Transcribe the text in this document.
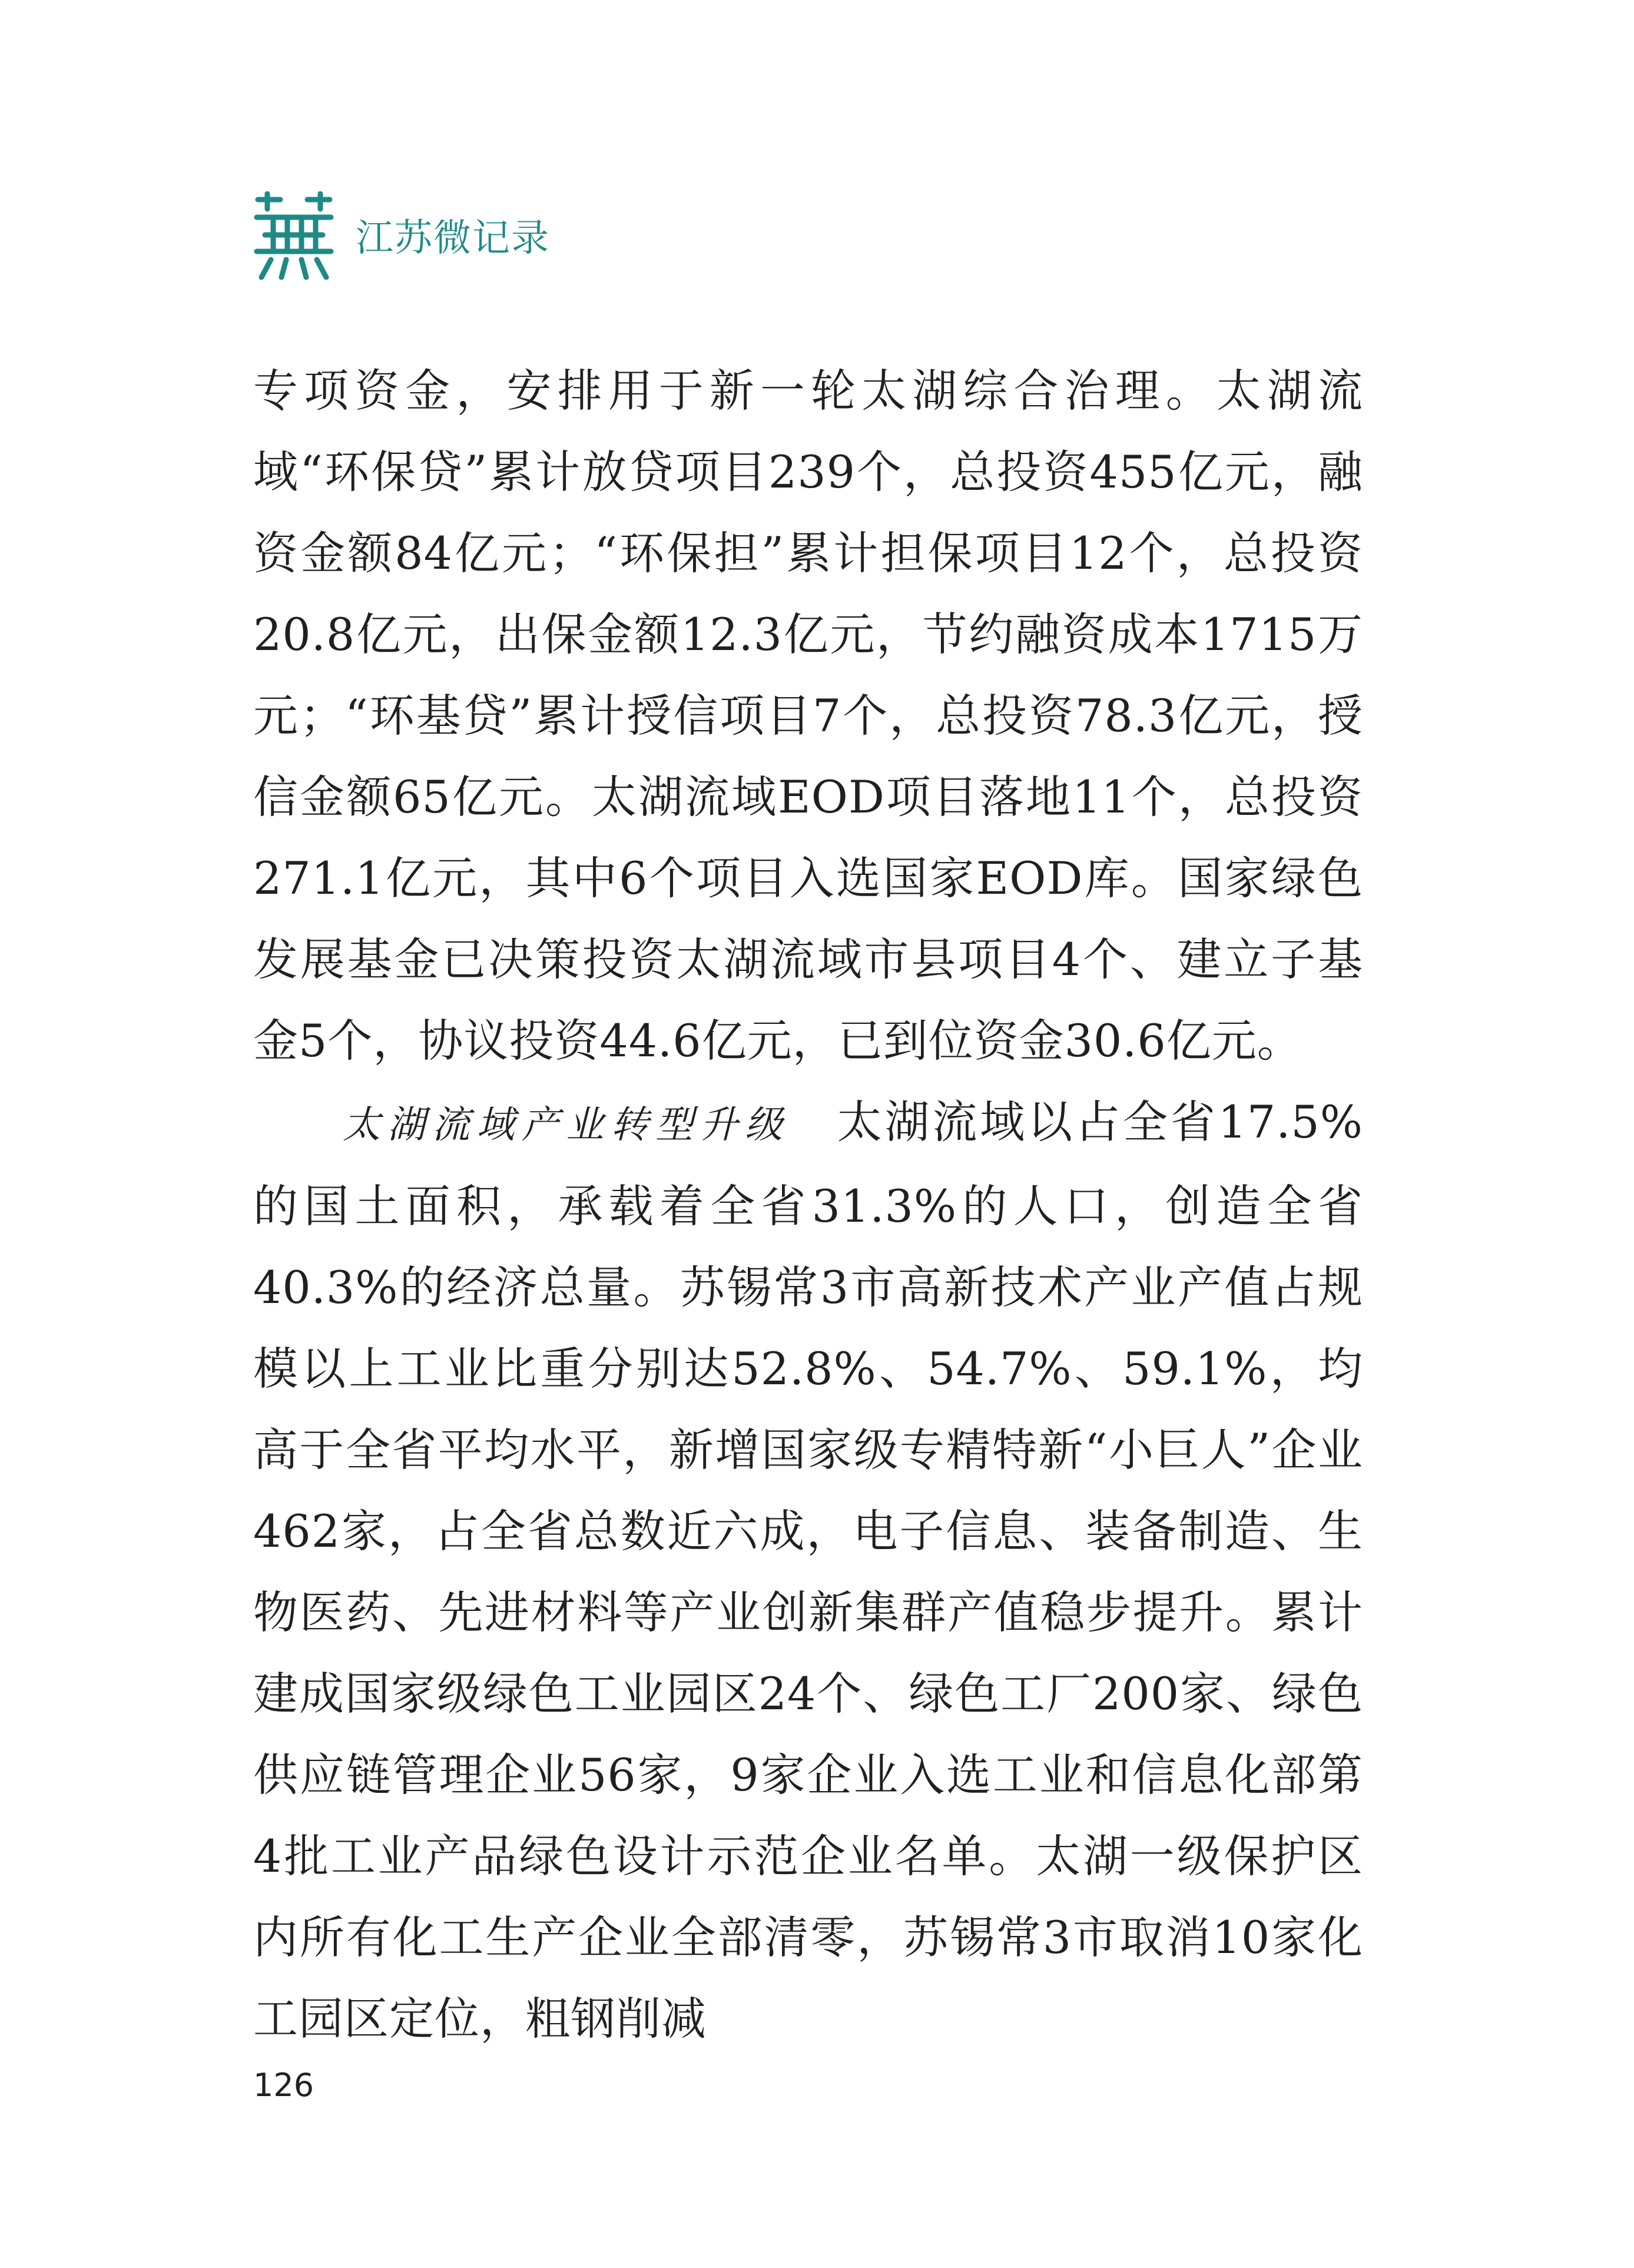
江苏微记录

专项资金，安排用于新一轮太湖综合治理。太湖流域“环保贷”累计放贷项目239个，总投资455亿元，融资金额84亿元；“环保担”累计担保项目12个，总投资20.8亿元，出保金额12.3亿元，节约融资成本1715万元；“环基贷”累计授信项目7个，总投资78.3亿元，授信金额65亿元。太湖流域EOD项目落地11个，总投资271.1亿元，其中6个项目入选国家EOD库。国家绿色发展基金已决策投资太湖流域市县项目4个、建立子基金5个，协议投资44.6亿元，已到位资金30.6亿元。

太湖流域产业转型升级　 太湖流域以占全省17.5%的国土面积，承载着全省31.3%的人口，创造全省40.3%的经济总量。苏锡常3市高新技术产业产值占规模以上工业比重分别达52.8%、54.7%、59.1%，均高于全省平均水平，新增国家级专精特新“小巨人”企业462家，占全省总数近六成，电子信息、装备制造、生物医药、先进材料等产业创新集群产值稳步提升。累计建成国家级绿色工业园区24个、绿色工厂200家、绿色供应链管理企业56家，9家企业入选工业和信息化部第4批工业产品绿色设计示范企业名单。太湖一级保护区内所有化工生产企业全部清零，苏锡常3市取消10家化工园区定位，粗钢削减

126
